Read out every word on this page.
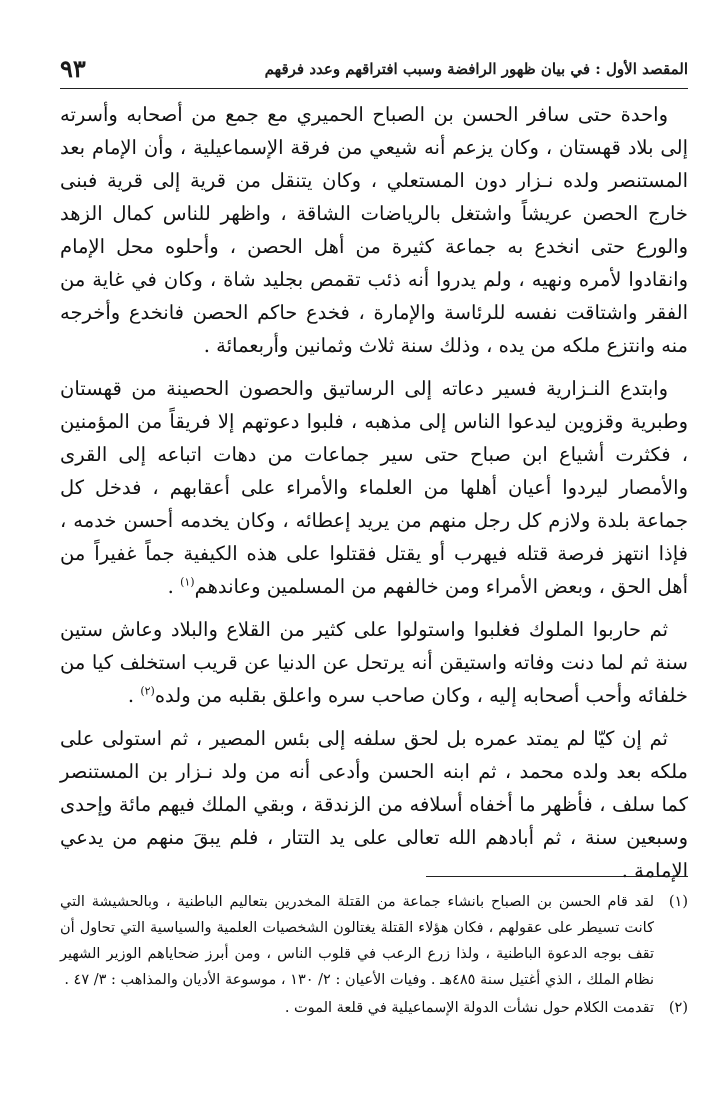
المقصد الأول : في بيان ظهور الرافضة وسبب افتراقهم وعدد فرقهم
٩٣

واحدة حتى سافر الحسن بن الصباح الحميري مع جمع من أصحابه وأسرته إلى بلاد قهستان ، وكان يزعم أنه شيعي من فرقة الإسماعيلية ، وأن الإمام بعد المستنصر ولده نـزار دون المستعلي ، وكان يتنقل من قرية إلى قرية فبنى خارج الحصن عريشاً واشتغل بالرياضات الشاقة ، واظهر للناس كمال الزهد والورع حتى انخدع به جماعة كثيرة من أهل الحصن ، وأحلوه محل الإمام وانقادوا لأمره ونهيه ، ولم يدروا أنه ذئب تقمص بجليد شاة ، وكان في غاية من الفقر واشتاقت نفسه للرئاسة والإمارة ، فخدع حاكم الحصن فانخدع وأخرجه منه وانتزع ملكه من يده ، وذلك سنة ثلاث وثمانين وأربعمائة .

وابتدع النـزارية فسير دعاته إلى الرساتيق والحصون الحصينة من قهستان وطبرية وقزوين ليدعوا الناس إلى مذهبه ، فلبوا دعوتهم إلا فريقاً من المؤمنين ، فكثرت أشياع ابن صباح حتى سير جماعات من دهات اتباعه إلى القرى والأمصار ليردوا أعيان أهلها من العلماء والأمراء على أعقابهم ، فدخل كل جماعة بلدة ولازم كل رجل منهم من يريد إعطائه ، وكان يخدمه أحسن خدمه ، فإذا انتهز فرصة قتله فيهرب أو يقتل فقتلوا على هذه الكيفية جماً غفيراً من أهل الحق ، وبعض الأمراء ومن خالفهم من المسلمين وعاندهم$^{(١)}$ .

ثم حاربوا الملوك فغلبوا واستولوا على كثير من القلاع والبلاد وعاش ستين سنة ثم لما دنت وفاته واستيقن أنه يرتحل عن الدنيا عن قريب استخلف كيا من خلفائه وأحب أصحابه إليه ، وكان صاحب سره واعلق بقلبه من ولده$^{(٢)}$ .

ثم إن كيّا لم يمتد عمره بل لحق سلفه إلى بئس المصير ، ثم استولى على ملكه بعد ولده محمد ، ثم ابنه الحسن وأدعى أنه من ولد نـزار بن المستنصر كما سلف ، فأظهر ما أخفاه أسلافه من الزندقة ، وبقي الملك فيهم مائة وإحدى وسبعين سنة ، ثم أبادهم الله تعالى على يد التتار ، فلم يبقَ منهم من يدعي الإمامة .

(١)
لقد قام الحسن بن الصباح بانشاء جماعة من القتلة المخدرين بتعاليم الباطنية ، وبالحشيشة التي كانت تسيطر على عقولهم ، فكان هؤلاء القتلة يغتالون الشخصيات العلمية والسياسية التي تحاول أن تقف بوجه الدعوة الباطنية ، ولذا زرع الرعب في قلوب الناس ، ومن أبرز ضحاياهم الوزير الشهير نظام الملك ، الذي أغتيل سنة ٤٨٥هـ . وفيات الأعيان : ٢/ ١٣٠ ، موسوعة الأديان والمذاهب : ٣/ ٤٧ .
(٢)
تقدمت الكلام حول نشأت الدولة الإسماعيلية في قلعة الموت .
